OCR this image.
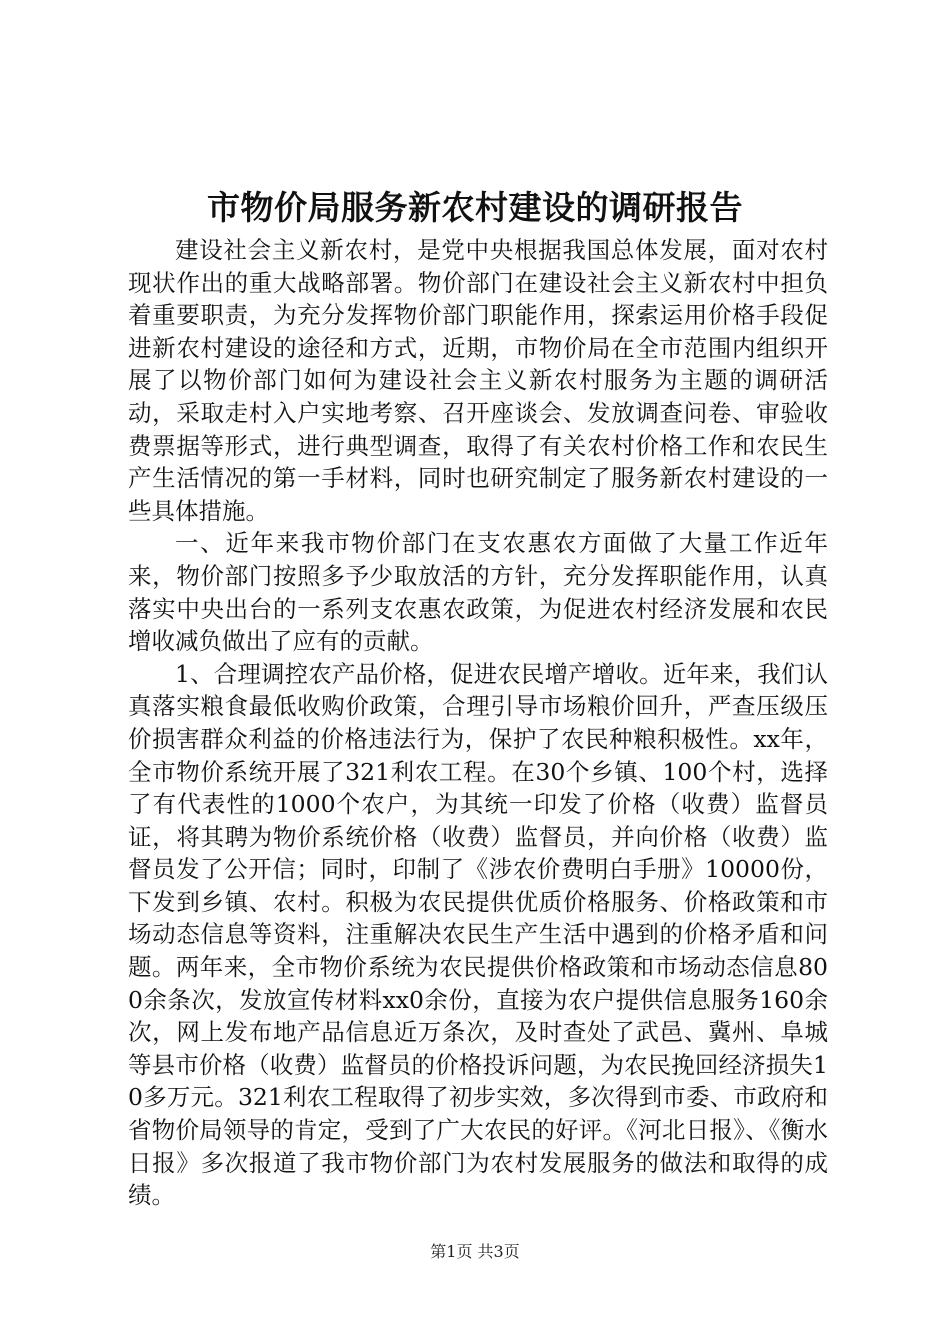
市物价局服务新农村建设的调研报告

建设社会主义新农村，是党中央根据我国总体发展，面对农村现状作出的重大战略部署。物价部门在建设社会主义新农村中担负着重要职责，为充分发挥物价部门职能作用，探索运用价格手段促进新农村建设的途径和方式，近期，市物价局在全市范围内组织开展了以物价部门如何为建设社会主义新农村服务为主题的调研活动，采取走村入户实地考察、召开座谈会、发放调查问卷、审验收费票据等形式，进行典型调查，取得了有关农村价格工作和农民生产生活情况的第一手材料，同时也研究制定了服务新农村建设的一些具体措施。

一、近年来我市物价部门在支农惠农方面做了大量工作近年来，物价部门按照多予少取放活的方针，充分发挥职能作用，认真落实中央出台的一系列支农惠农政策，为促进农村经济发展和农民增收减负做出了应有的贡献。

1、合理调控农产品价格，促进农民增产增收。近年来，我们认真落实粮食最低收购价政策，合理引导市场粮价回升，严查压级压价损害群众利益的价格违法行为，保护了农民种粮积极性。xx年，全市物价系统开展了321利农工程。在30个乡镇、100个村，选择了有代表性的1000个农户，为其统一印发了价格（收费）监督员证，将其聘为物价系统价格（收费）监督员，并向价格（收费）监督员发了公开信；同时，印制了《涉农价费明白手册》10000份，下发到乡镇、农村。积极为农民提供优质价格服务、价格政策和市场动态信息等资料，注重解决农民生产生活中遇到的价格矛盾和问题。两年来，全市物价系统为农民提供价格政策和市场动态信息800余条次，发放宣传材料xx0余份，直接为农户提供信息服务160余次，网上发布地产品信息近万条次，及时查处了武邑、冀州、阜城等县市价格（收费）监督员的价格投诉问题，为农民挽回经济损失10多万元。321利农工程取得了初步实效，多次得到市委、市政府和省物价局领导的肯定，受到了广大农民的好评。《河北日报》、《衡水日报》多次报道了我市物价部门为农村发展服务的做法和取得的成绩。

第1页 共3页
